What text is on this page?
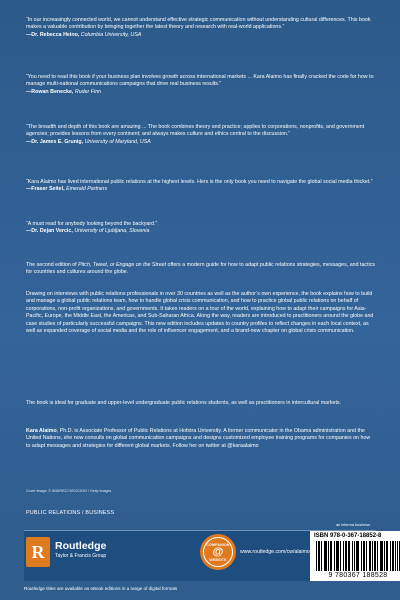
“In our increasingly connected world, we cannot understand effective strategic communication without understanding cultural differences. This book makes a valuable contribution by bringing together the latest theory and research with real-world applications.”

—Dr. Rebecca Heino, Columbia University, USA

“You need to read this book if your business plan involves growth across international markets ... Kara Alaimo has finally cracked the code for how to manage multi-national communications campaigns that drive real business results.”

—Rowan Benecke, Ruder Finn

“The breadth and depth of this book are amazing ... The book combines theory and practice; applies to corporations, nonprofits, and government agencies; provides lessons from every continent; and always makes culture and ethics central to the discussion.”

—Dr. James E. Grunig, University of Maryland, USA

“Kara Alaimo has lived international public relations at the highest levels. Hers is the only book you need to navigate the global social media thicket.”

—Fraser Seitel, Emerald Partners

“A must read for anybody looking beyond the backyard.”

—Dr. Dejan Vercic, University of Ljubljana, Slovenia

The second edition of Pitch, Tweet, or Engage on the Street offers a modern guide for how to adapt public relations strategies, messages, and tactics for countries and cultures around the globe.

Drawing on interviews with public relations professionals in over 30 countries as well as the author’s own experience, the book explains how to build and manage a global public relations team, how to handle global crisis communication, and how to practice global public relations on behalf of corporations, non-profit organizations, and governments. It takes readers on a tour of the world, explaining how to adapt their campaigns for Asia-Pacific, Europe, the Middle East, the Americas, and Sub-Saharan Africa. Along the way, readers are introduced to practitioners around the globe and case studies of particularly successful campaigns. This new edition includes updates to country profiles to reflect changes in each local context, as well as expanded coverage of social media and the role of influencer engagement, and a brand-new chapter on global crisis communication.

The book is ideal for graduate and upper-level undergraduate public relations students, as well as practitioners in intercultural markets.

Kara Alaimo, Ph.D. is Associate Professor of Public Relations at Hofstra University. A former communicator in the Obama administration and the United Nations, she now consults on global communication campaigns and designs customized employee training programs for companies on how to adapt messages and strategies for different global markets. Follow her on twitter at @karaalaimo

Cover image: © ANDREZJ WOJCICKI / Getty Images
PUBLIC RELATIONS / BUSINESS
an informa business
R Routledge
Taylor & Francis Group
COMPANION
@
WEBSITE
www.routledge.com/cw/alaimo
ISBN 978-0-367-18852-8
9 780367 188528
Routledge titles are available as eBook editions in a range of digital formats
